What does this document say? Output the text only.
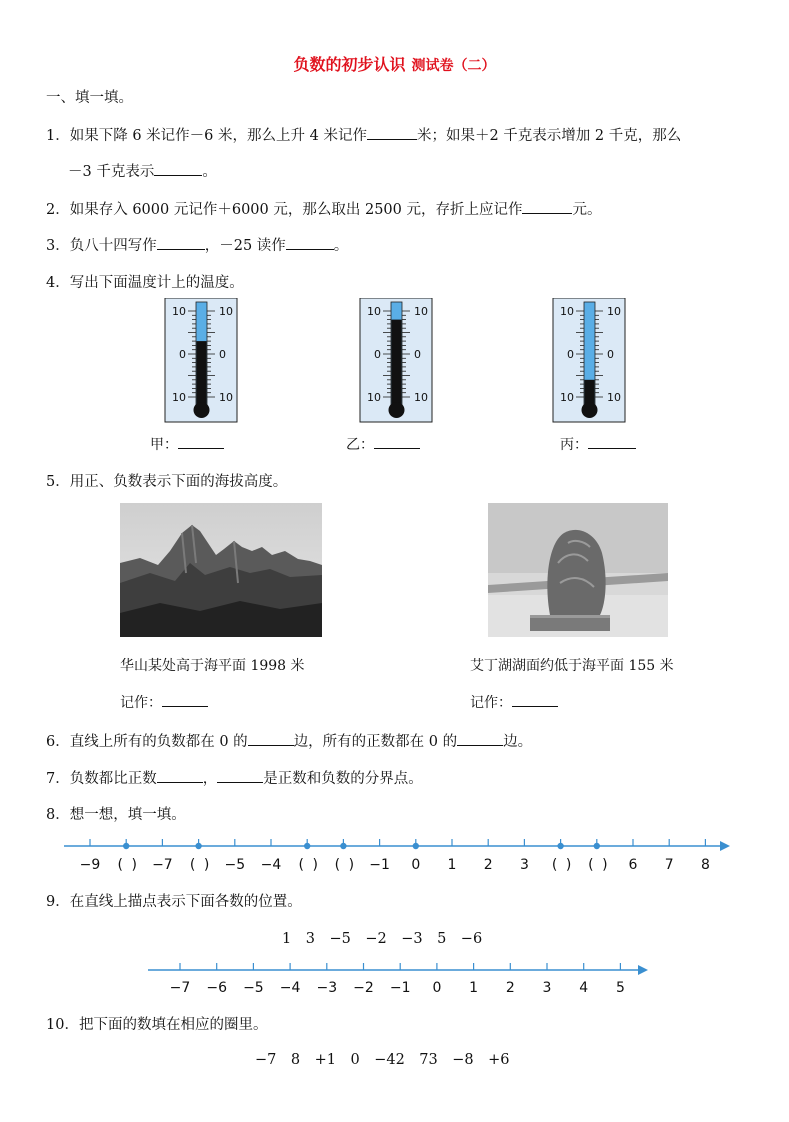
负数的初步认识 测试卷（二）
一、填一填。
1．如果下降 6 米记作－6 米，那么上升 4 米记作	米；如果＋2 千克表示增加 2 千克，那么
－3 千克表示	。
2．如果存入 6000 元记作＋6000 元，那么取出 2500 元，存折上应记作	元。
3．负八十四写作	，－25 读作	。
4．写出下面温度计上的温度。
10	10
0	0
10	10
10	10
0	0
10	10
10	10
0	0
10	10
甲：	乙：	丙：
5．用正、负数表示下面的海拔高度。
华山某处高于海平面 1998 米	艾丁湖湖面约低于海平面 155 米
记作：	记作：
6．直线上所有的负数都在 0 的	边，所有的正数都在 0 的	边。
7．负数都比正数	，	是正数和负数的分界点。
8．想一想，填一填。
−9 ( ) −7 ( ) −5 −4 ( ) ( ) −1 0 1 2 3 ( ) ( ) 6 7 8
9．在直线上描点表示下面各数的位置。
1　3　−5　−2　−3　5　−6
−7 −6 −5 −4 −3 −2 −1 0 1 2 3 4 5
10．把下面的数填在相应的圈里。
−7　8　+1　0　−42　73　−8　+6
